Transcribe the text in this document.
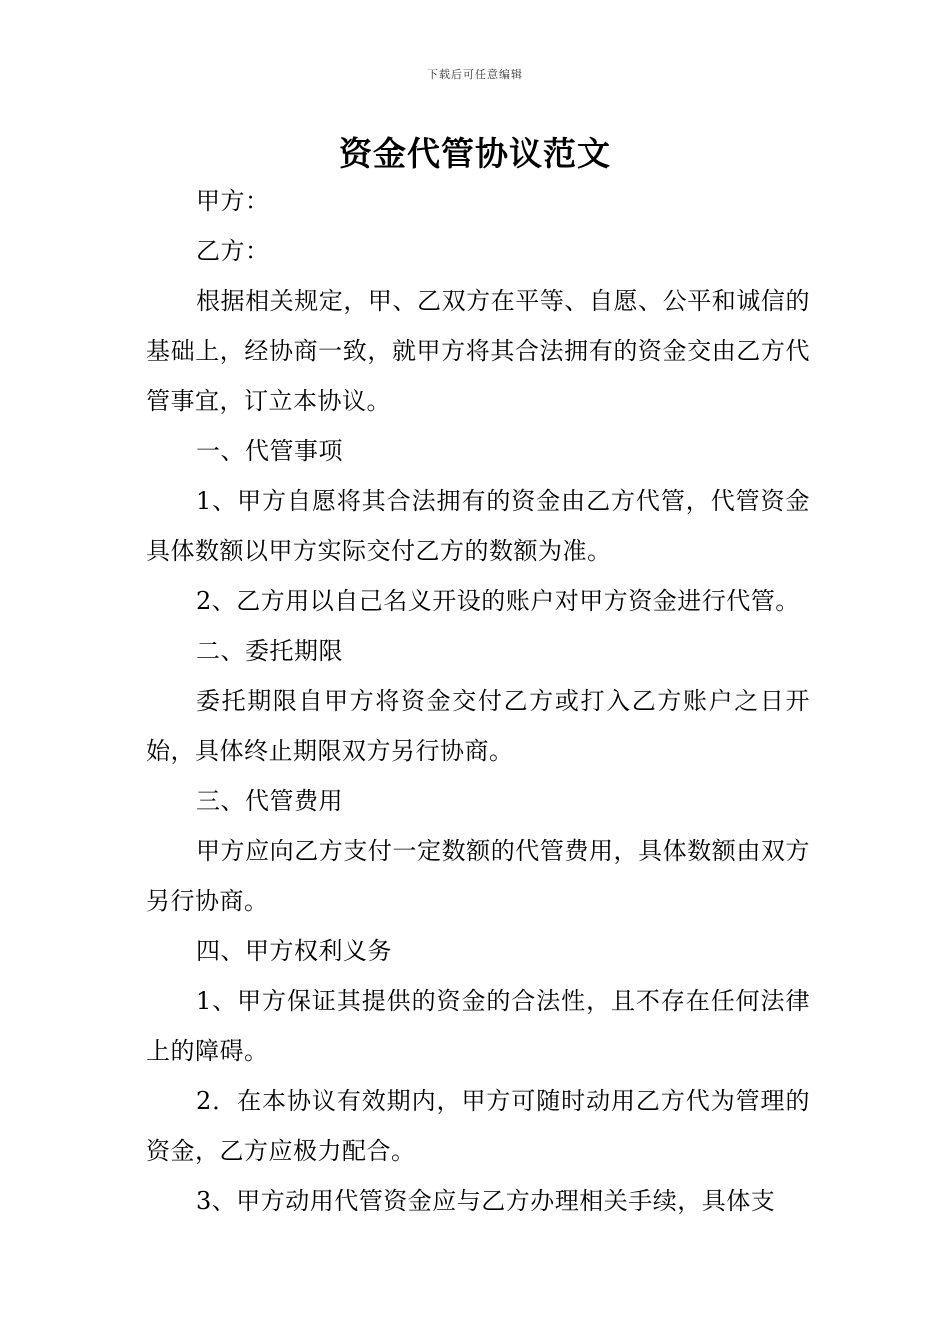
下载后可任意编辑
资金代管协议范文

甲方：

乙方：

根据相关规定，甲、乙双方在平等、自愿、公平和诚信的基础上，经协商一致，就甲方将其合法拥有的资金交由乙方代管事宜，订立本协议。

一、代管事项

1、甲方自愿将其合法拥有的资金由乙方代管，代管资金具体数额以甲方实际交付乙方的数额为准。

2、乙方用以自己名义开设的账户对甲方资金进行代管。

二、委托期限

委托期限自甲方将资金交付乙方或打入乙方账户之日开始，具体终止期限双方另行协商。

三、代管费用

甲方应向乙方支付一定数额的代管费用，具体数额由双方另行协商。

四、甲方权利义务

1、甲方保证其提供的资金的合法性，且不存在任何法律上的障碍。

2．在本协议有效期内，甲方可随时动用乙方代为管理的资金，乙方应极力配合。

3、甲方动用代管资金应与乙方办理相关手续，具体支
